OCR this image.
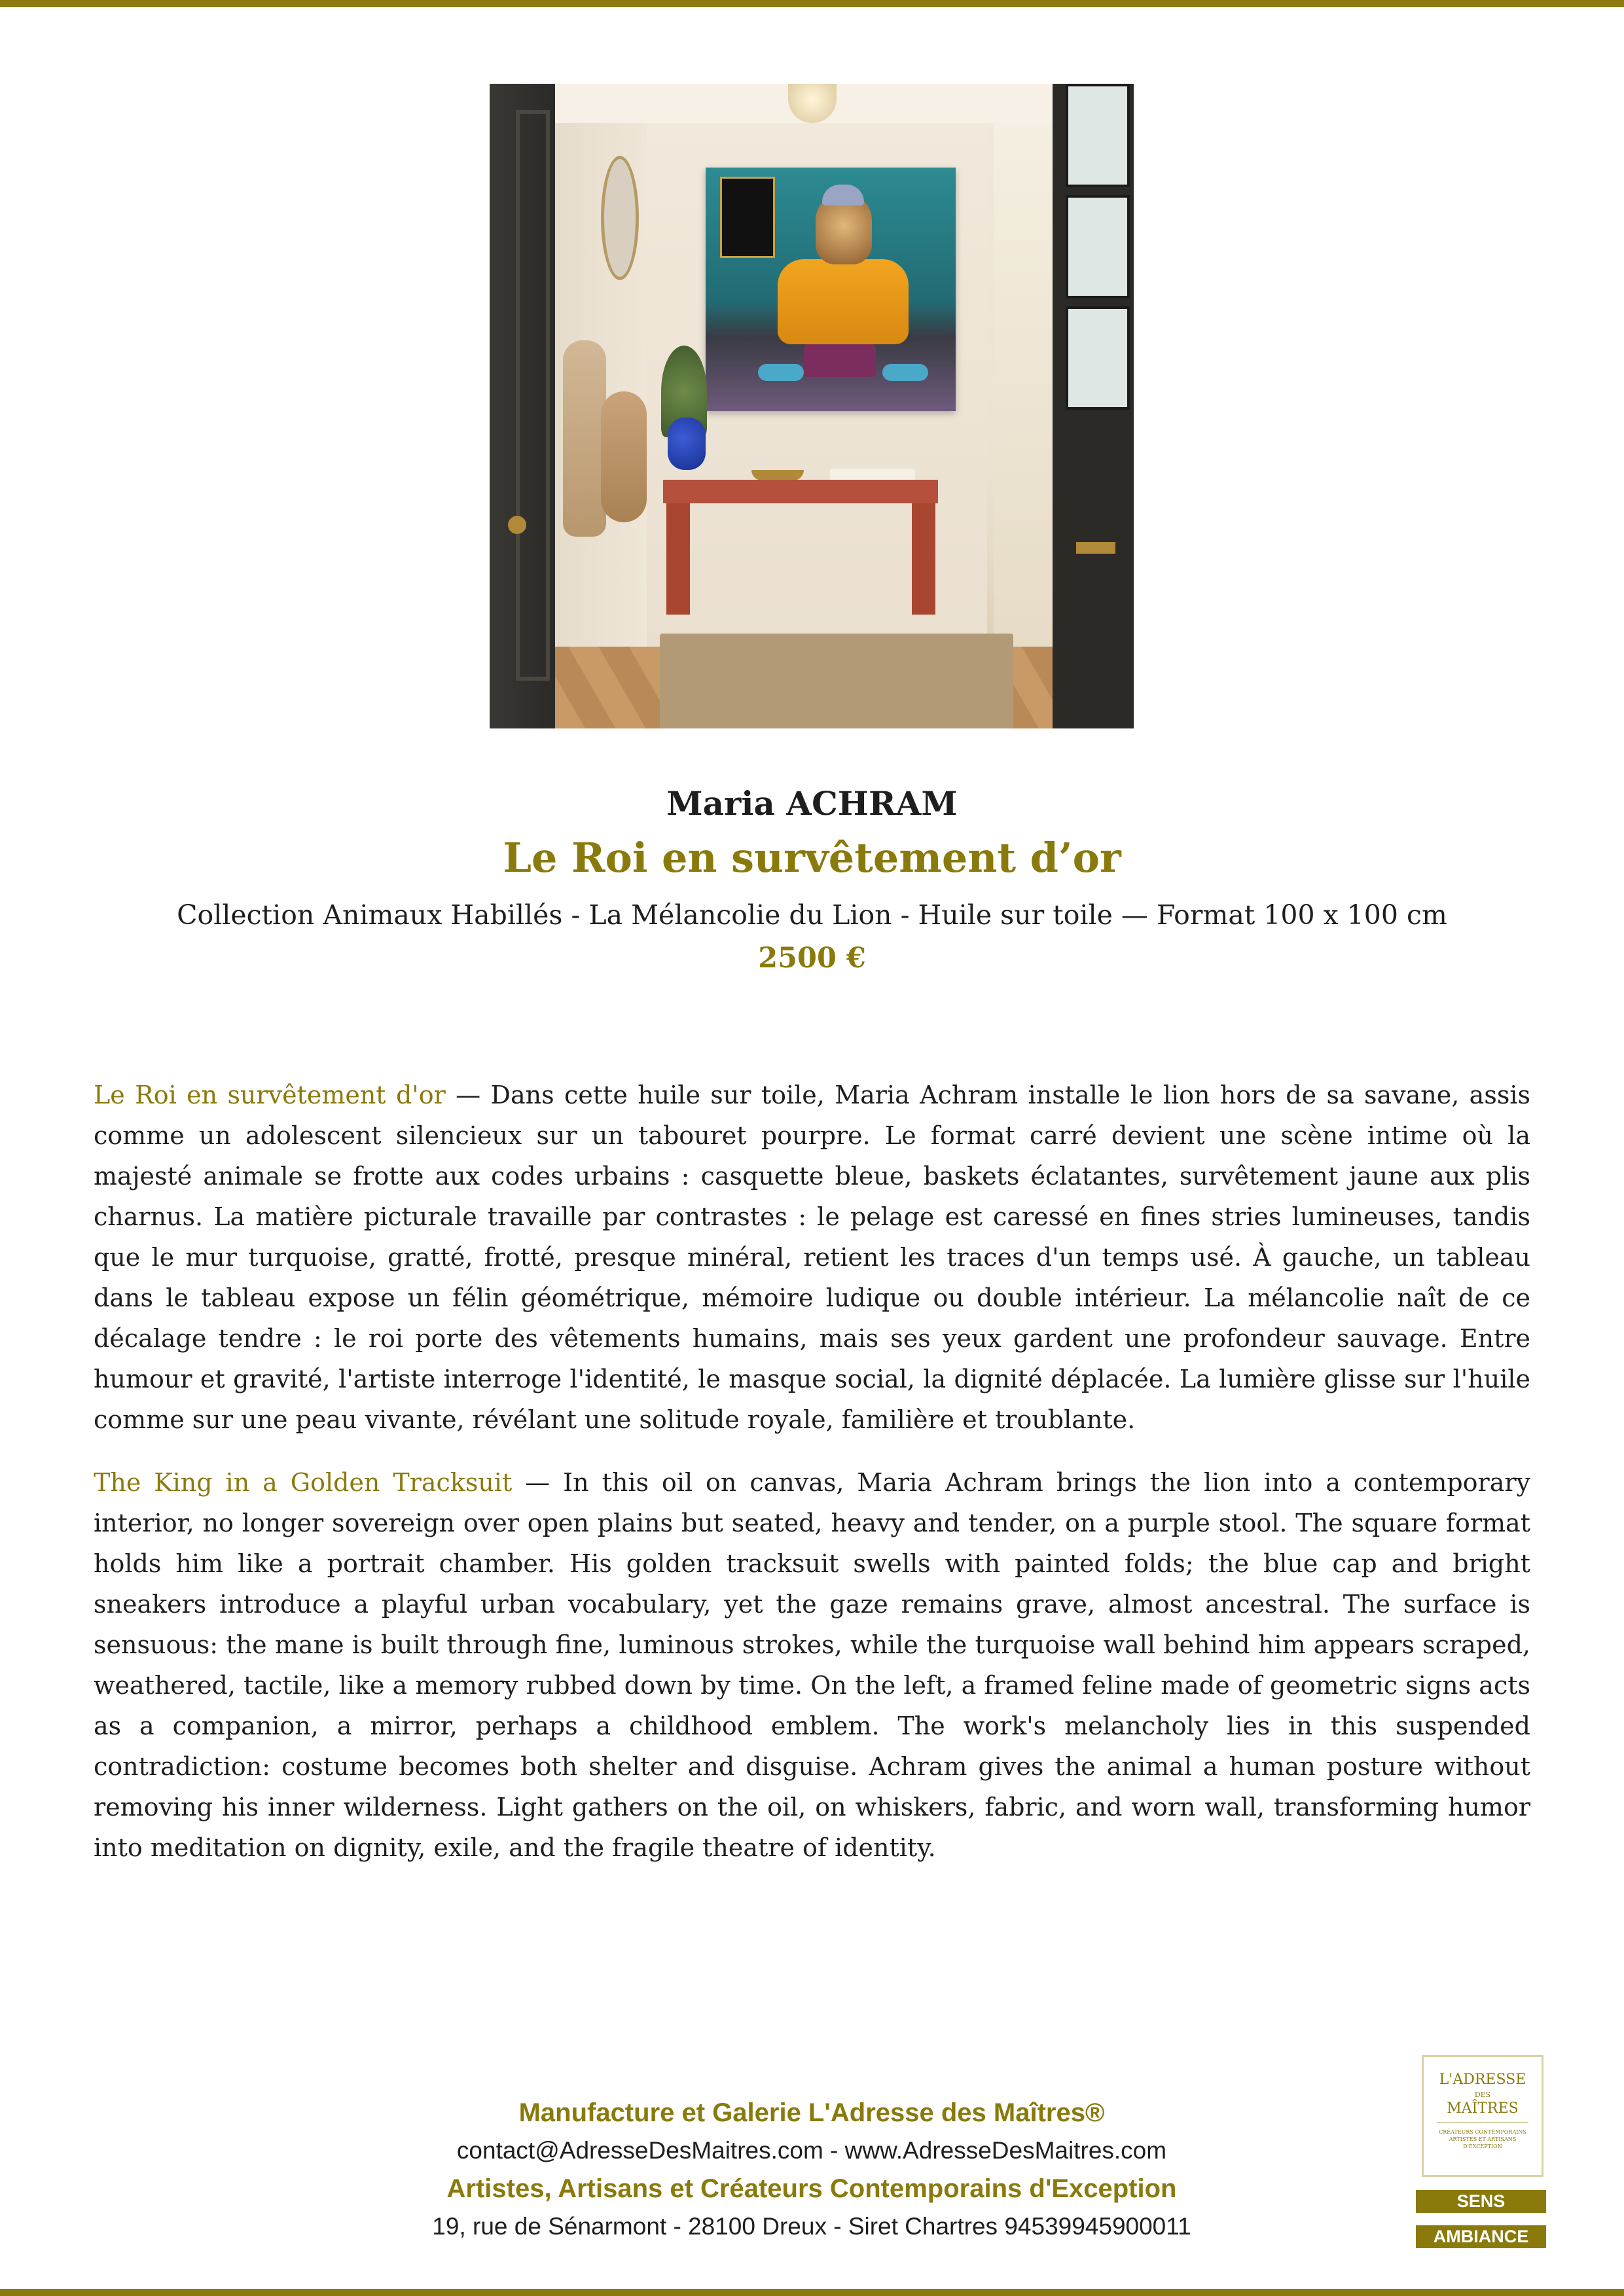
Maria ACHRAM
Le Roi en survêtement d’or
Collection Animaux Habillés - La Mélancolie du Lion - Huile sur toile — Format 100 x 100 cm
2500 €

Le Roi en survêtement d'or — Dans cette huile sur toile, Maria Achram installe le lion hors de sa savane, assis comme un adolescent silencieux sur un tabouret pourpre. Le format carré devient une scène intime où la majesté animale se frotte aux codes urbains : casquette bleue, baskets éclatantes, survêtement jaune aux plis charnus. La matière picturale travaille par contrastes : le pelage est caressé en fines stries lumineuses, tandis que le mur turquoise, gratté, frotté, presque minéral, retient les traces d'un temps usé. À gauche, un tableau dans le tableau expose un félin géométrique, mémoire ludique ou double intérieur. La mélancolie naît de ce décalage tendre : le roi porte des vêtements humains, mais ses yeux gardent une profondeur sauvage. Entre humour et gravité, l'artiste interroge l'identité, le masque social, la dignité déplacée. La lumière glisse sur l'huile comme sur une peau vivante, révélant une solitude royale, familière et troublante.

The King in a Golden Tracksuit — In this oil on canvas, Maria Achram brings the lion into a contemporary interior, no longer sovereign over open plains but seated, heavy and tender, on a purple stool. The square format holds him like a portrait chamber. His golden tracksuit swells with painted folds; the blue cap and bright sneakers introduce a playful urban vocabulary, yet the gaze remains grave, almost ancestral. The surface is sensuous: the mane is built through fine, luminous strokes, while the turquoise wall behind him appears scraped, weathered, tactile, like a memory rubbed down by time. On the left, a framed feline made of geometric signs acts as a companion, a mirror, perhaps a childhood emblem. The work's melancholy lies in this suspended contradiction: costume becomes both shelter and disguise. Achram gives the animal a human posture without removing his inner wilderness. Light gathers on the oil, on whiskers, fabric, and worn wall, transforming humor into meditation on dignity, exile, and the fragile theatre of identity.

Manufacture et Galerie L'Adresse des Maîtres®
contact@AdresseDesMaitres.com - www.AdresseDesMaitres.com
Artistes, Artisans et Créateurs Contemporains d'Exception
19, rue de Sénarmont - 28100 Dreux - Siret Chartres 94539945900011
L'ADRESSE
DES
MAÎTRES
CRÉATEURS CONTEMPORAINS ARTISTES ET ARTISANS D'EXCEPTION
SENS
AMBIANCE
